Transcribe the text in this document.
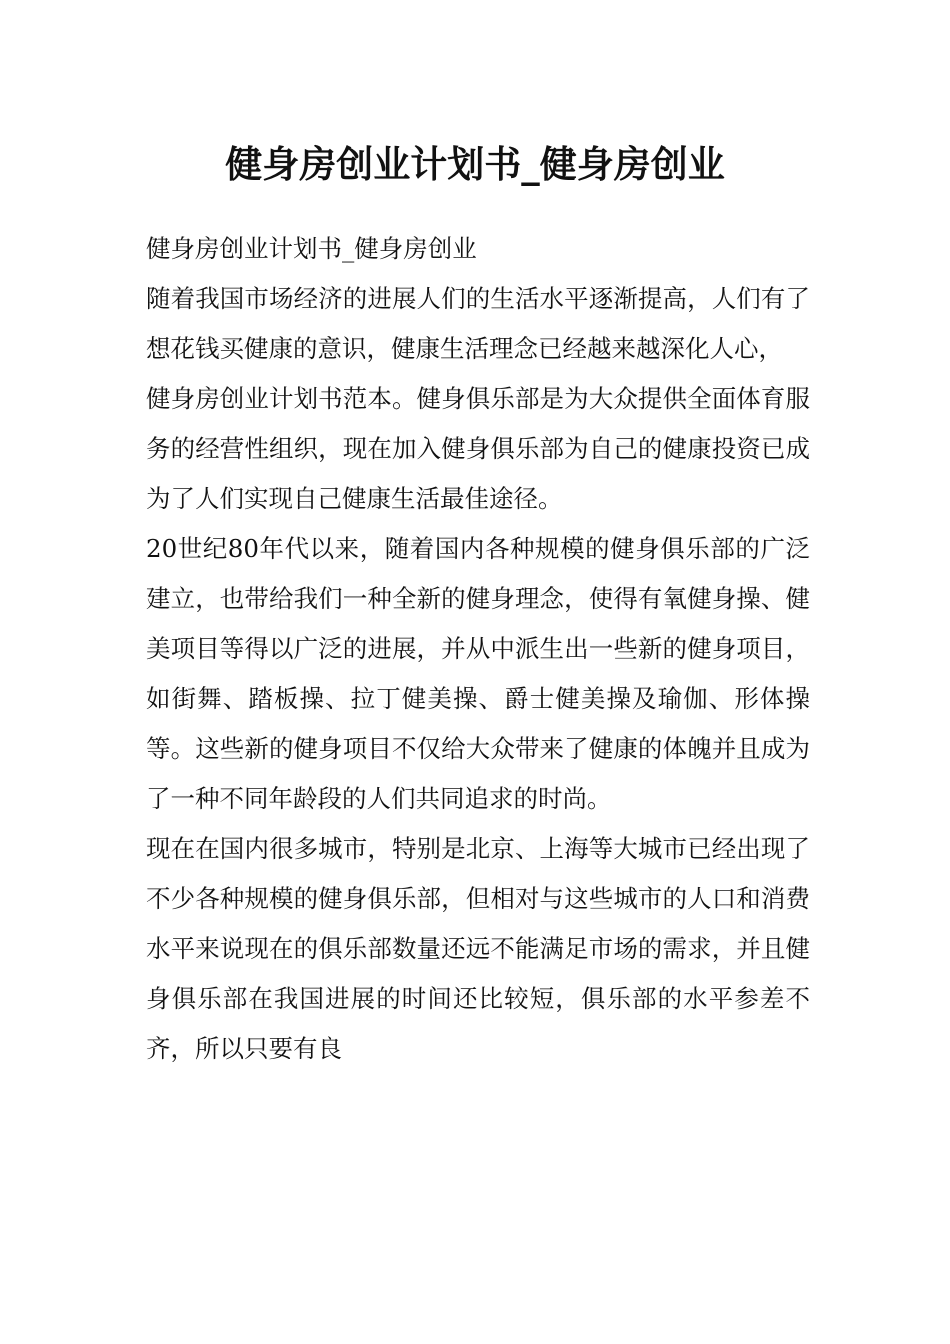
健身房创业计划书_健身房创业

健身房创业计划书_健身房创业

随着我国市场经济的进展人们的生活水平逐渐提高，人们有了想花钱买健康的意识，健康生活理念已经越来越深化人心，

健身房创业计划书范本。健身俱乐部是为大众提供全面体育服务的经营性组织，现在加入健身俱乐部为自己的健康投资已成为了人们实现自己健康生活最佳途径。

20世纪80年代以来，随着国内各种规模的健身俱乐部的广泛建立，也带给我们一种全新的健身理念，使得有氧健身操、健美项目等得以广泛的进展，并从中派生出一些新的健身项目，如街舞、踏板操、拉丁健美操、爵士健美操及瑜伽、形体操等。这些新的健身项目不仅给大众带来了健康的体魄并且成为了一种不同年龄段的人们共同追求的时尚。

现在在国内很多城市，特别是北京、上海等大城市已经出现了不少各种规模的健身俱乐部，但相对与这些城市的人口和消费水平来说现在的俱乐部数量还远不能满足市场的需求，并且健身俱乐部在我国进展的时间还比较短，俱乐部的水平参差不齐，所以只要有良
